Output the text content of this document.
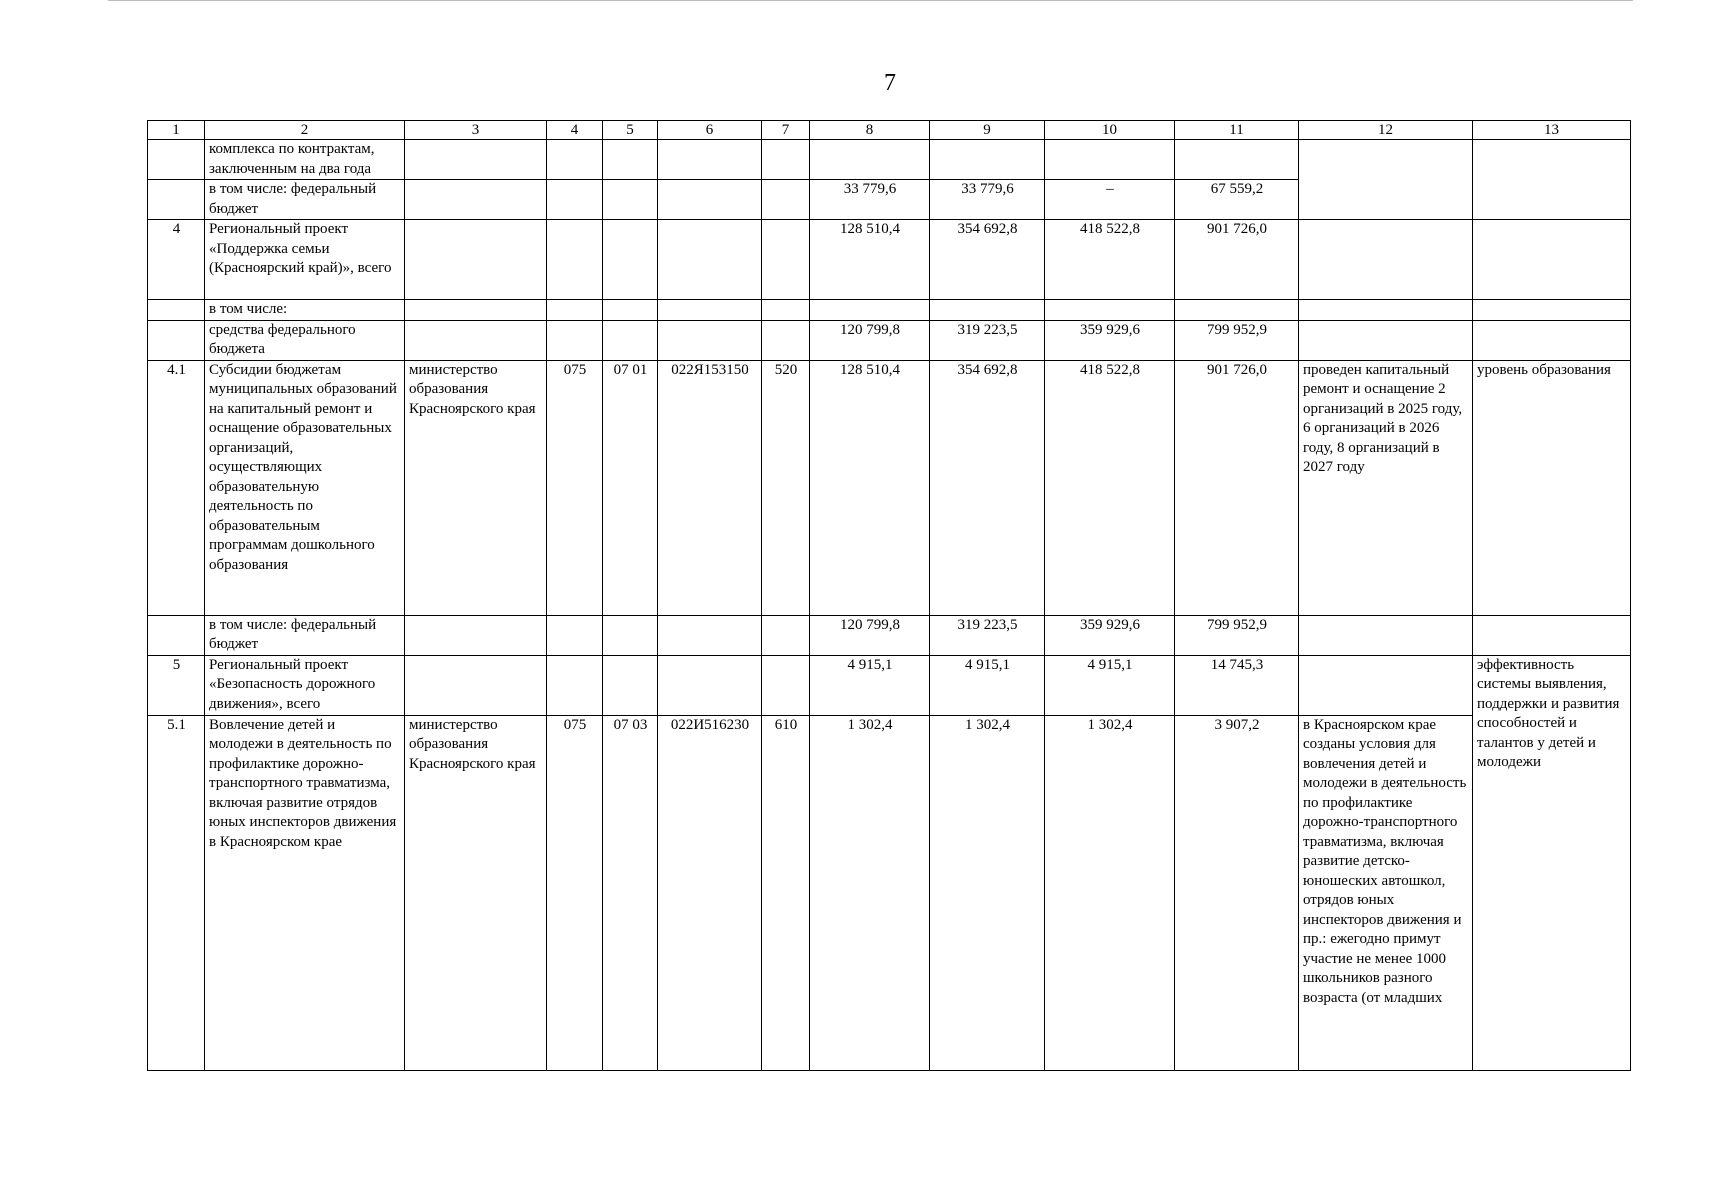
7
1	2	3	4	5	6	7	8	9	10	11	12	13
	комплекса по контрактам, заключенным на два года											
	в том числе: федеральный бюджет						33 779,6	33 779,6	–	67 559,2		
4	Региональный проект «Поддержка семьи (Красноярский край)», всего						128 510,4	354 692,8	418 522,8	901 726,0		
	в том числе:											
	средства федерального бюджета						120 799,8	319 223,5	359 929,6	799 952,9		
4.1	Субсидии бюджетам муниципальных образований на капитальный ремонт и оснащение образовательных организаций, осуществляющих образовательную деятельность по образовательным программам дошкольного образования	министерство образования Красноярского края	075	07 01	022Я153150	520	128 510,4	354 692,8	418 522,8	901 726,0	проведен капитальный ремонт и оснащение 2 организаций в 2025 году, 6 организаций в 2026 году, 8 организаций в 2027 году	уровень образования
	в том числе: федеральный бюджет						120 799,8	319 223,5	359 929,6	799 952,9		
5	Региональный проект «Безопасность дорожного движения», всего						4 915,1	4 915,1	4 915,1	14 745,3		эффективность системы выявления, поддержки и развития способностей и талантов у детей и молодежи
5.1	Вовлечение детей и молодежи в деятельность по профилактике дорожно-транспортного травматизма, включая развитие отрядов юных инспекторов движения в Красноярском крае	министерство образования Красноярского края	075	07 03	022И516230	610	1 302,4	1 302,4	1 302,4	3 907,2	в Красноярском крае созданы условия для вовлечения детей и молодежи в деятельность по профилактике дорожно-транспортного травматизма, включая развитие детско-юношеских автошкол, отрядов юных инспекторов движения и пр.: ежегодно примут участие не менее 1000 школьников разного возраста (от младших	
